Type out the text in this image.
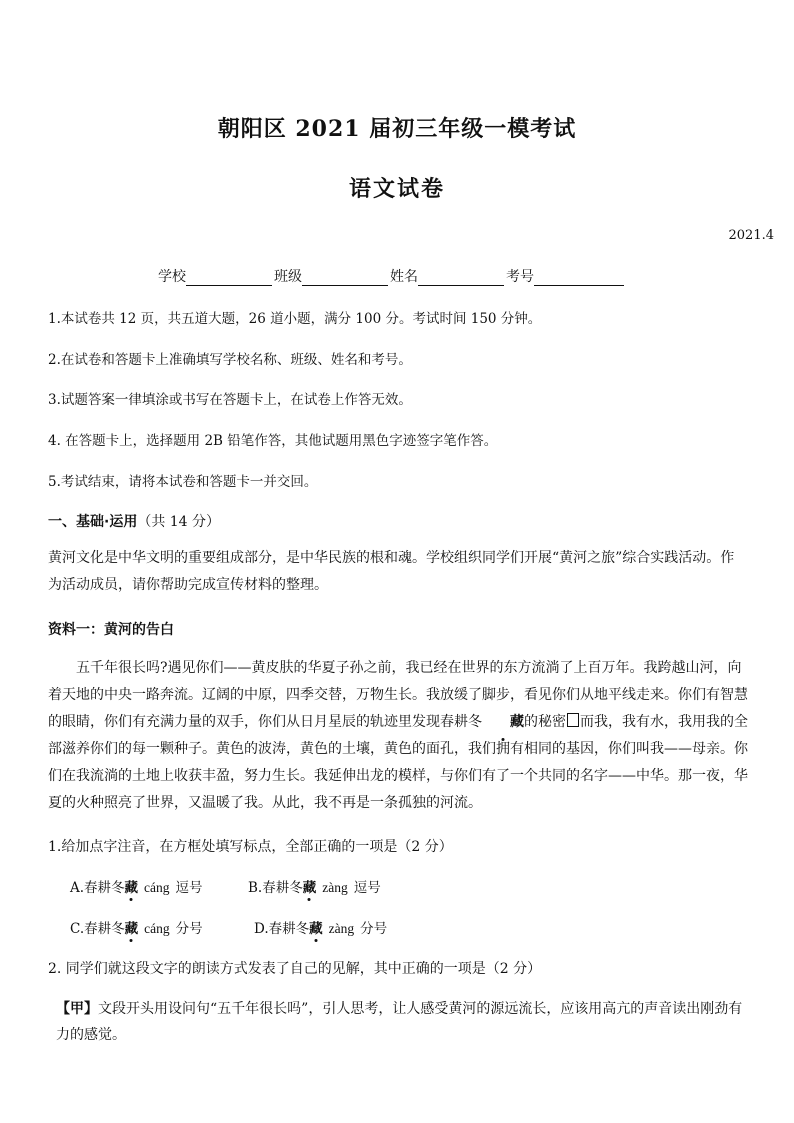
朝阳区 2021 届初三年级一模考试
语文试卷
2021.4
学校	班级	姓名	考号
1.本试卷共 12 页，共五道大题，26 道小题，满分 100 分。考试时间 150 分钟。
2.在试卷和答题卡上准确填写学校名称、班级、姓名和考号。
3.试题答案一律填涂或书写在答题卡上，在试卷上作答无效。
4. 在答题卡上，选择题用 2B 铅笔作答，其他试题用黑色字迹签字笔作答。
5.考试结束，请将本试卷和答题卡一并交回。
一、基础·运用（共 14 分）
黄河文化是中华文明的重要组成部分，是中华民族的根和魂。学校组织同学们开展“黄河之旅”综合实践活动。作为活动成员，请你帮助完成宣传材料的整理。
资料一：黄河的告白
五千年很长吗?遇见你们——黄皮肤的华夏子孙之前，我已经在世界的东方流淌了上百万年。我跨越山河，向着天地的中央一路奔流。辽阔的中原，四季交替，万物生长。我放缓了脚步，看见你们从地平线走来。你们有智慧的眼睛，你们有充满力量的双手，你们从日月星辰的轨迹里发现春耕冬 藏的秘密 而我，我有水，我用我的全部滋养你们的每一颗种子。黄色的波涛，黄色的土壤，黄色的面孔，我们拥有相同的基因，你们叫我——母亲。你们在我流淌的土地上收获丰盈，努力生长。我延伸出龙的模样，与你们有了一个共同的名字——中华。那一夜，华夏的火种照亮了世界，又温暖了我。从此，我不再是一条孤独的河流。
1.给加点字注音，在方框处填写标点，全部正确的一项是（2 分）
A.春耕冬藏 cáng 逗号	B.春耕冬藏 zàng 逗号
C.春耕冬藏 cáng 分号	D.春耕冬藏 zàng 分号
2. 同学们就这段文字的朗读方式发表了自己的见解，其中正确的一项是（2 分）
【甲】文段开头用设问句“五千年很长吗”，引人思考，让人感受黄河的源远流长，应该用高亢的声音读出刚劲有力的感觉。
